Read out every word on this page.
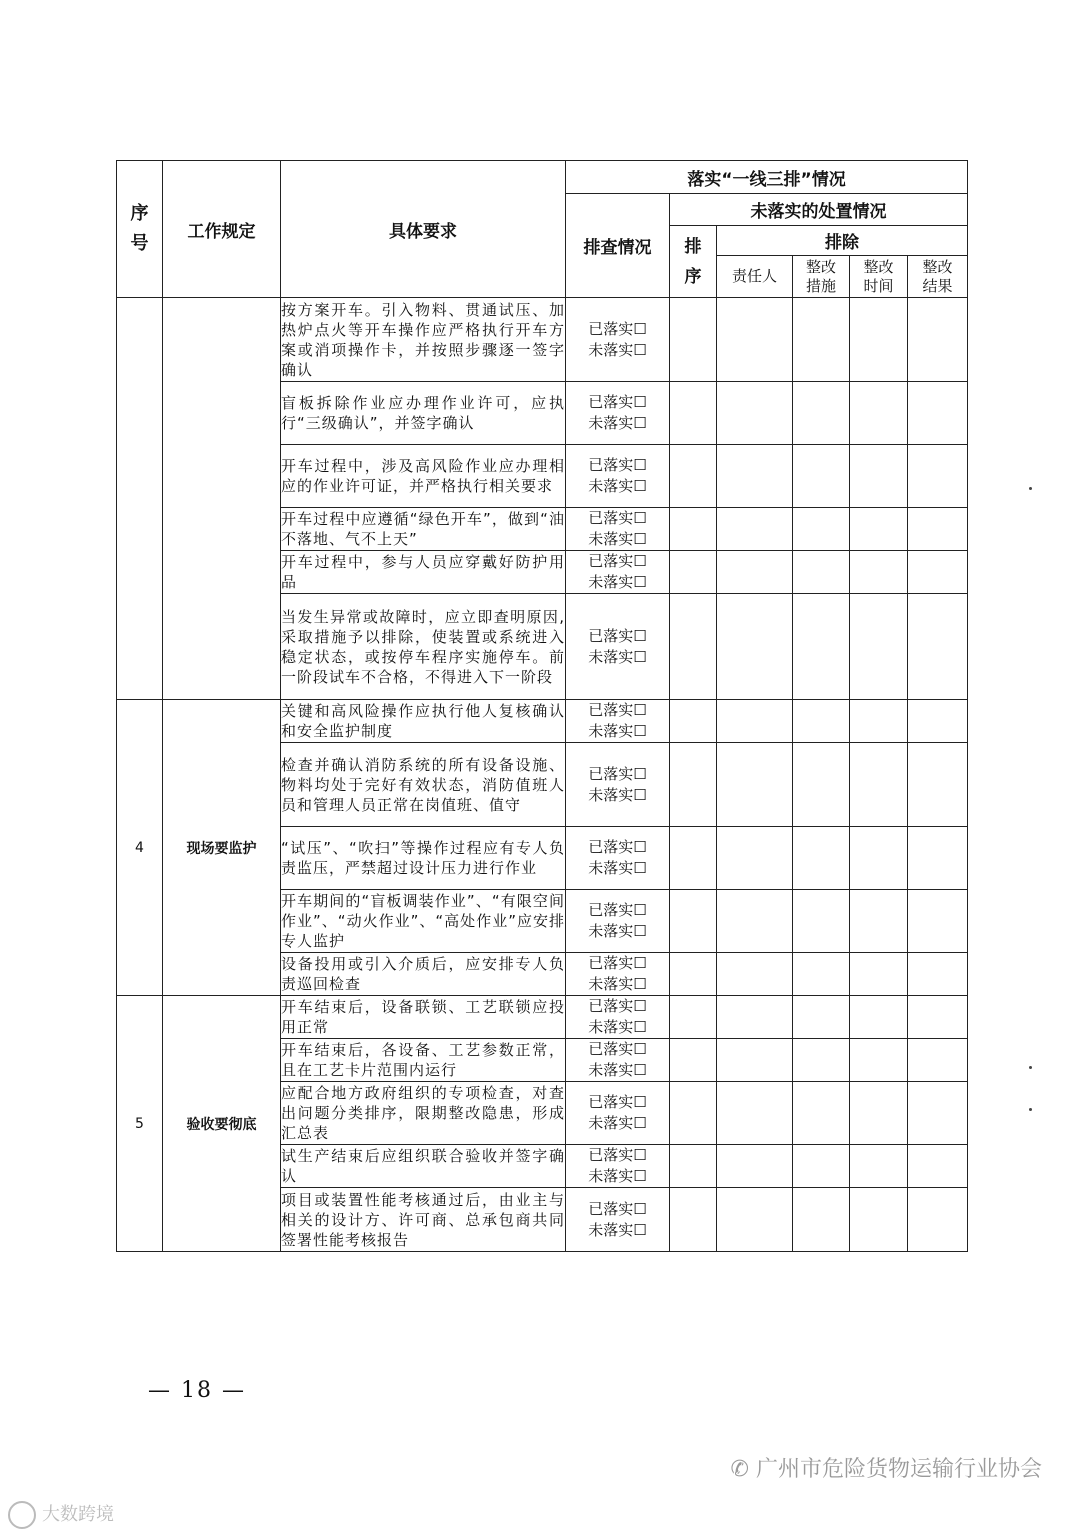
序号	工作规定	具体要求	落实“一线三排”情况					
			排查情况	未落实的处置情况				
				排序	排除			
					责任人	整改措施	整改时间	整改结果
		按方案开车。引入物料、贯通试压、加热炉点火等开车操作应严格执行开车方案或消项操作卡，并按照步骤逐一签字确认	已落实☐
未落实☐					
		盲板拆除作业应办理作业许可，应执行“三级确认”，并签字确认	已落实☐
未落实☐					
		开车过程中，涉及高风险作业应办理相应的作业许可证，并严格执行相关要求	已落实☐
未落实☐					
		开车过程中应遵循“绿色开车”，做到“油不落地、气不上天”	已落实☐
未落实☐					
		开车过程中，参与人员应穿戴好防护用品	已落实☐
未落实☐					
		当发生异常或故障时，应立即查明原因,采取措施予以排除，使装置或系统进入稳定状态，或按停车程序实施停车。前一阶段试车不合格，不得进入下一阶段	已落实☐
未落实☐					
4	现场要监护	关键和高风险操作应执行他人复核确认和安全监护制度	已落实☐
未落实☐					
		检查并确认消防系统的所有设备设施、物料均处于完好有效状态，消防值班人员和管理人员正常在岗值班、值守	已落实☐
未落实☐					
		“试压”、“吹扫”等操作过程应有专人负责监压，严禁超过设计压力进行作业	已落实☐
未落实☐					
		开车期间的“盲板调装作业”、“有限空间作业”、“动火作业”、“高处作业”应安排专人监护	已落实☐
未落实☐					
		设备投用或引入介质后，应安排专人负责巡回检查	已落实☐
未落实☐					
5	验收要彻底	开车结束后，设备联锁、工艺联锁应投用正常	已落实☐
未落实☐					
		开车结束后，各设备、工艺参数正常，且在工艺卡片范围内运行	已落实☐
未落实☐					
		应配合地方政府组织的专项检查，对查出问题分类排序，限期整改隐患，形成汇总表	已落实☐
未落实☐					
		试生产结束后应组织联合验收并签字确认	已落实☐
未落实☐					
		项目或装置性能考核通过后，由业主与相关的设计方、许可商、总承包商共同签署性能考核报告	已落实☐
未落实☐					
— 18 —
大数跨境
✆ 广州市危险货物运输行业协会
